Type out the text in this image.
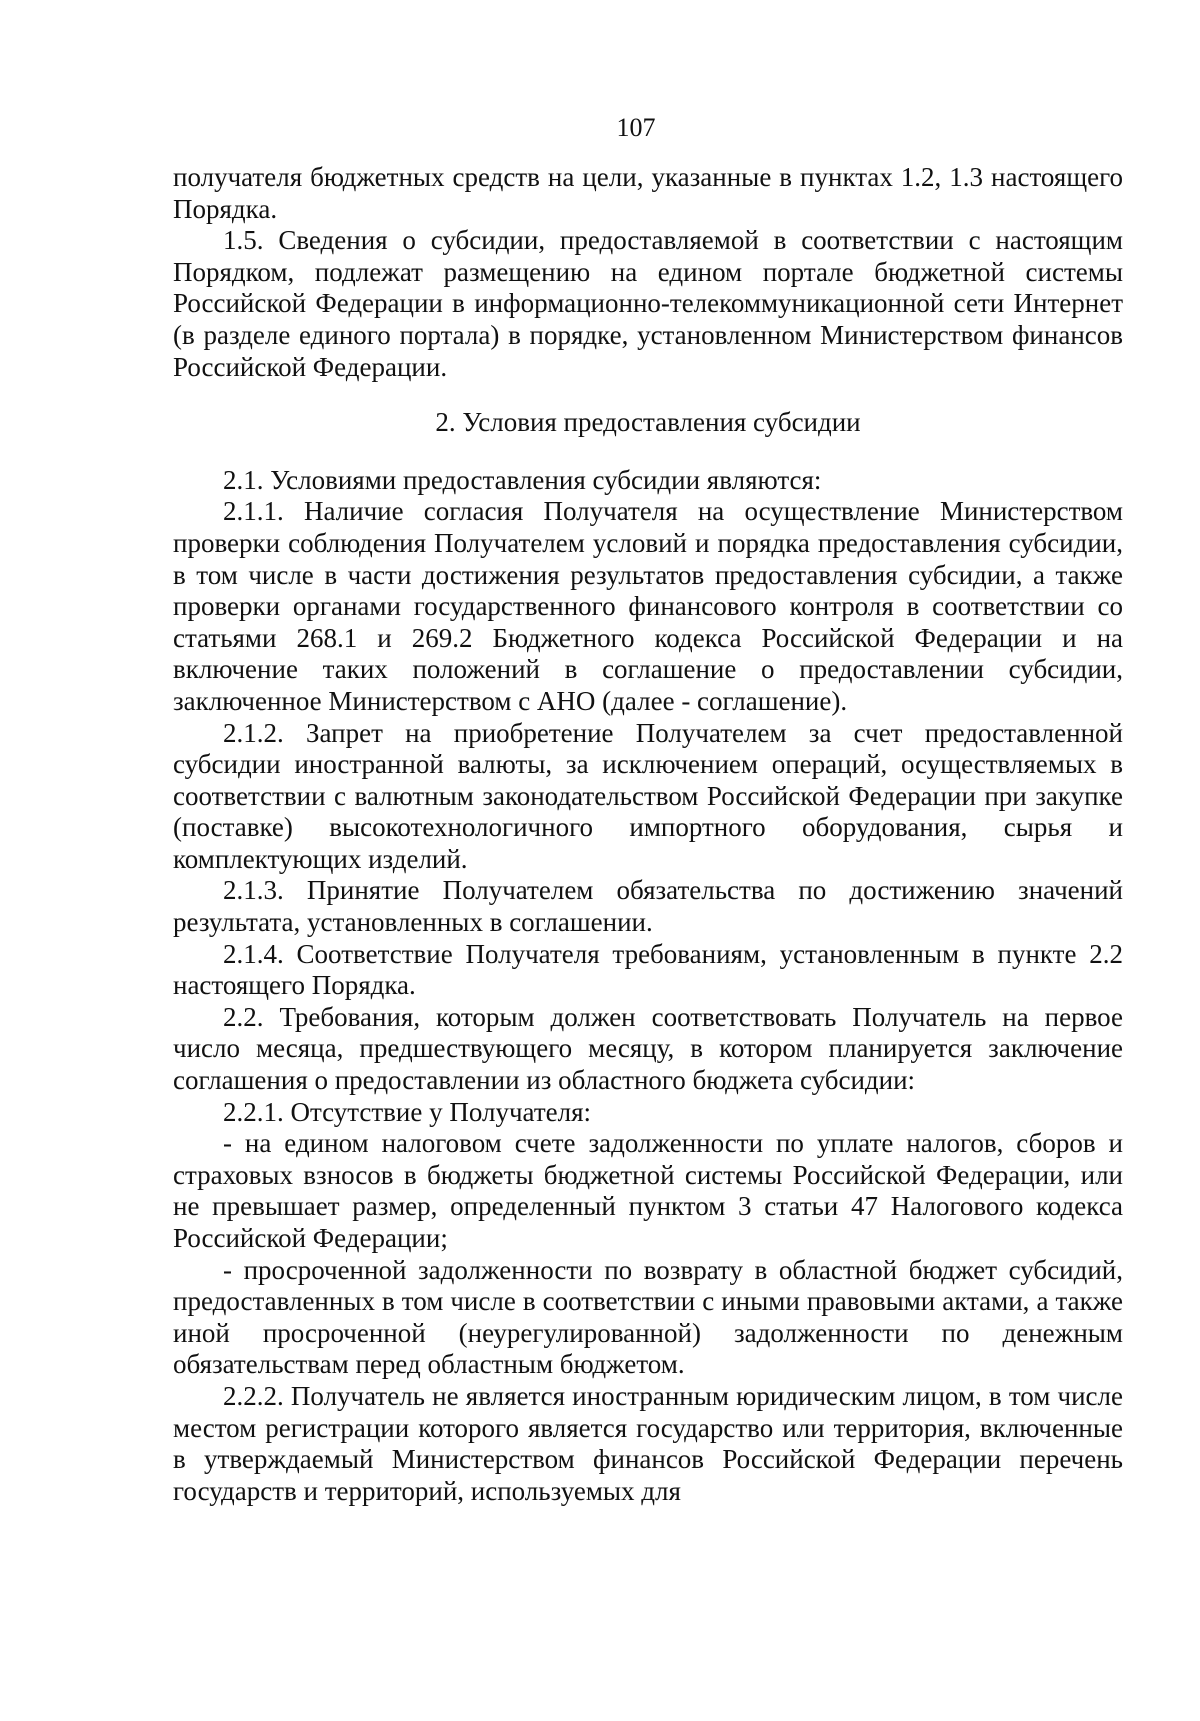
107

получателя бюджетных средств на цели, указанные в пунктах 1.2, 1.3 настоящего Порядка.

1.5. Сведения о субсидии, предоставляемой в соответствии с настоящим Порядком, подлежат размещению на едином портале бюджетной системы Российской Федерации в информационно-телекоммуникационной сети Интернет (в разделе единого портала) в порядке, установленном Министерством финансов Российской Федерации.

2. Условия предоставления субсидии

2.1. Условиями предоставления субсидии являются:

2.1.1. Наличие согласия Получателя на осуществление Министерством проверки соблюдения Получателем условий и порядка предоставления субсидии, в том числе в части достижения результатов предоставления субсидии, а также проверки органами государственного финансового контроля в соответствии со статьями 268.1 и 269.2 Бюджетного кодекса Российской Федерации и на включение таких положений в соглашение о предоставлении субсидии, заключенное Министерством с АНО (далее - соглашение).

2.1.2. Запрет на приобретение Получателем за счет предоставленной субсидии иностранной валюты, за исключением операций, осуществляемых в соответствии с валютным законодательством Российской Федерации при закупке (поставке) высокотехнологичного импортного оборудования, сырья и комплектующих изделий.

2.1.3. Принятие Получателем обязательства по достижению значений результата, установленных в соглашении.

2.1.4. Соответствие Получателя требованиям, установленным в пункте 2.2 настоящего Порядка.

2.2. Требования, которым должен соответствовать Получатель на первое число месяца, предшествующего месяцу, в котором планируется заключение соглашения о предоставлении из областного бюджета субсидии:

2.2.1. Отсутствие у Получателя:

- на едином налоговом счете задолженности по уплате налогов, сборов и страховых взносов в бюджеты бюджетной системы Российской Федерации, или не превышает размер, определенный пунктом 3 статьи 47 Налогового кодекса Российской Федерации;

- просроченной задолженности по возврату в областной бюджет субсидий, предоставленных в том числе в соответствии с иными правовыми актами, а также иной просроченной (неурегулированной) задолженности по денежным обязательствам перед областным бюджетом.

2.2.2. Получатель не является иностранным юридическим лицом, в том числе местом регистрации которого является государство или территория, включенные в утверждаемый Министерством финансов Российской Федерации перечень государств и территорий, используемых для
